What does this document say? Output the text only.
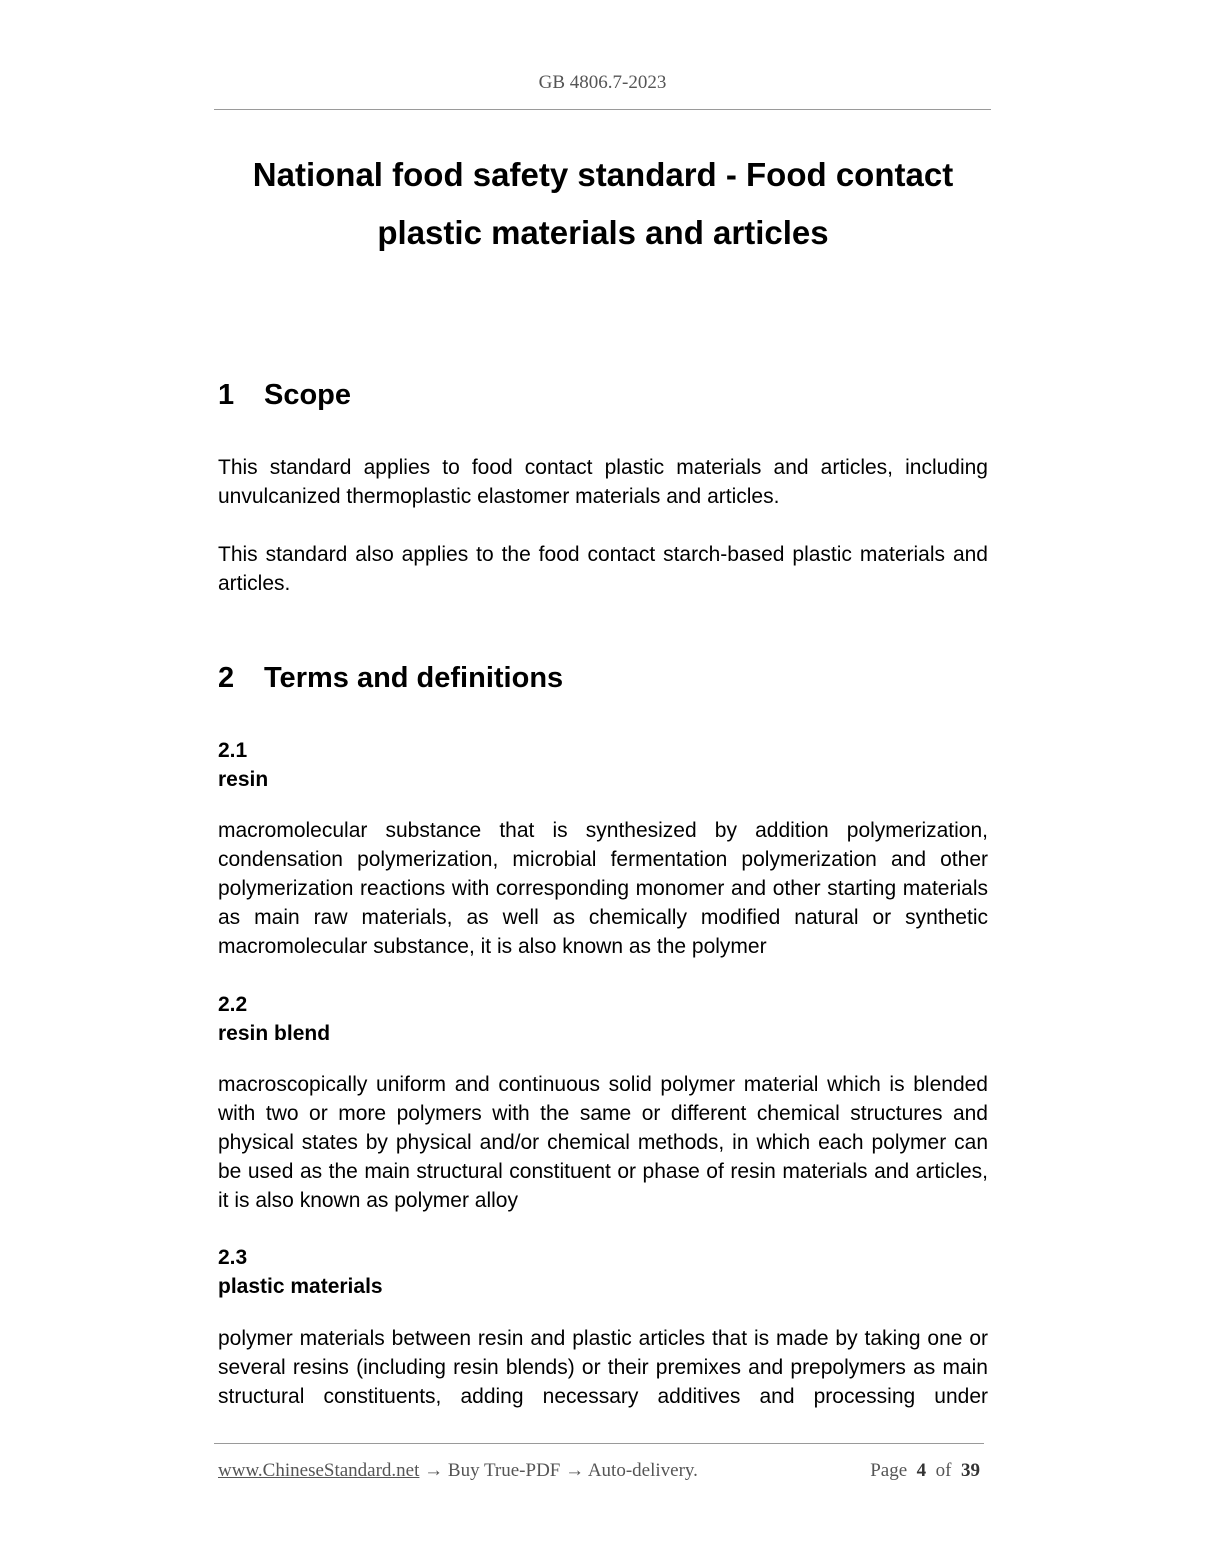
GB 4806.7-2023
National food safety standard - Food contact
plastic materials and articles
1 Scope

This standard applies to food contact plastic materials and articles, including unvulcanized thermoplastic elastomer materials and articles.

This standard also applies to the food contact starch-based plastic materials and articles.

2 Terms and definitions
2.1
resin

macromolecular substance that is synthesized by addition polymerization, condensation polymerization, microbial fermentation polymerization and other polymerization reactions with corresponding monomer and other starting materials as main raw materials, as well as chemically modified natural or synthetic macromolecular substance, it is also known as the polymer

2.2
resin blend

macroscopically uniform and continuous solid polymer material which is blended with two or more polymers with the same or different chemical structures and physical states by physical and/or chemical methods, in which each polymer can be used as the main structural constituent or phase of resin materials and articles, it is also known as polymer alloy

2.3
plastic materials

polymer materials between resin and plastic articles that is made by taking one or several resins (including resin blends) or their premixes and prepolymers as main structural constituents, adding necessary additives and processing under

www.ChineseStandard.net → Buy True-PDF → Auto-delivery.	Page 4 of 39
